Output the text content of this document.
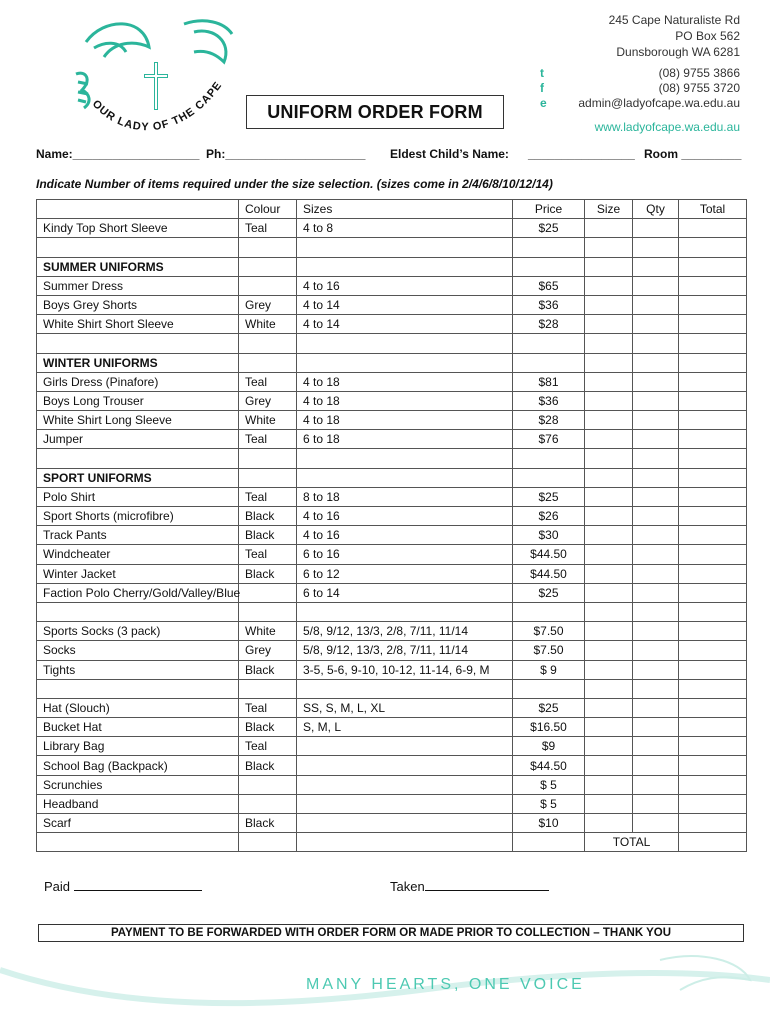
OUR LADY OF THE CAPE
245 Cape Naturaliste Rd
PO Box 562
Dunsborough WA 6281
t	(08) 9755 3866
f	(08) 9755 3720
e	admin@ladyofcape.wa.edu.au
www.ladyofcape.wa.edu.au
UNIFORM ORDER FORM
Name:___________________ Ph:_____________________ Eldest Child’s Name: ________________ Room _________
Indicate Number of items required under the size selection. (sizes come in 2/4/6/8/10/12/14)
	Colour	Sizes	Price	Size	Qty	Total
Kindy Top Short Sleeve	Teal	4 to 8	$25			

SUMMER UNIFORMS						
Summer Dress		4 to 16	$65			
Boys Grey Shorts	Grey	4 to 14	$36			
White Shirt Short Sleeve	White	4 to 14	$28			

WINTER UNIFORMS						
Girls Dress (Pinafore)	Teal	4 to 18	$81			
Boys Long Trouser	Grey	4 to 18	$36			
White Shirt Long Sleeve	White	4 to 18	$28			
Jumper	Teal	6 to 18	$76			

SPORT UNIFORMS						
Polo Shirt	Teal	8 to 18	$25			
Sport Shorts (microfibre)	Black	4 to 16	$26			
Track Pants	Black	4 to 16	$30			
Windcheater	Teal	6 to 16	$44.50			
Winter Jacket	Black	6 to 12	$44.50			
Faction Polo Cherry/Gold/Valley/Blue		6 to 14	$25			

Sports Socks (3 pack)	White	5/8, 9/12, 13/3, 2/8, 7/11, 11/14	$7.50			
Socks	Grey	5/8, 9/12, 13/3, 2/8, 7/11, 11/14	$7.50			
Tights	Black	3-5, 5-6, 9-10, 10-12, 11-14, 6-9, M	$ 9			

Hat (Slouch)	Teal	SS, S, M, L, XL	$25			
Bucket Hat	Black	S, M, L	$16.50			
Library Bag	Teal		$9			
School Bag (Backpack)	Black		$44.50			
Scrunchies			$ 5			
Headband			$ 5			
Scarf	Black		$10			
				TOTAL		
Paid	Taken
PAYMENT TO BE FORWARDED WITH ORDER FORM OR MADE PRIOR TO COLLECTION – THANK YOU
MANY HEARTS, ONE VOICE
